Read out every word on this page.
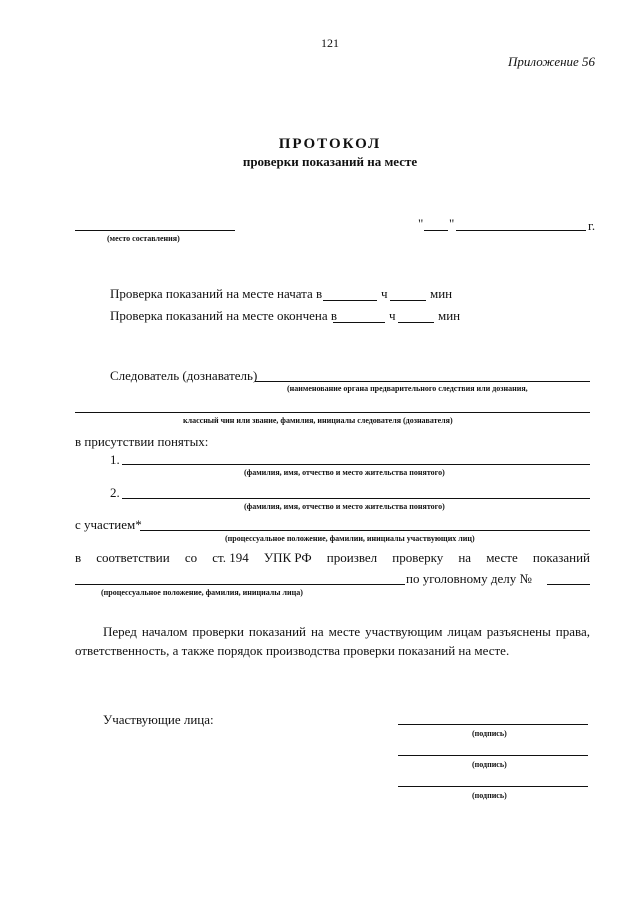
121
Приложение 56
ПРОТОКОЛ
проверки показаний на месте
(место составления)
" "	г.
Проверка показаний на месте начата в	ч	мин
Проверка показаний на месте окончена в	ч	мин
Следователь (дознаватель)
(наименование органа предварительного следствия или дознания,
классный чин или звание, фамилия, инициалы следователя (дознавателя)
в присутствии понятых:
1.
(фамилия, имя, отчество и место жительства понятого)
2.
(фамилия, имя, отчество и место жительства понятого)
с участием*
(процессуальное положение, фамилии, инициалы участвующих лиц)
в соответствии со ст. 194 УПК РФ произвел проверку на месте показаний
по уголовному делу №
(процессуальное положение, фамилия, инициалы лица)
Перед началом проверки показаний на месте участвующим лицам разъяснены права,
ответственность, а также порядок производства проверки показаний на месте.
Участвующие лица:
(подпись)
(подпись)
(подпись)
